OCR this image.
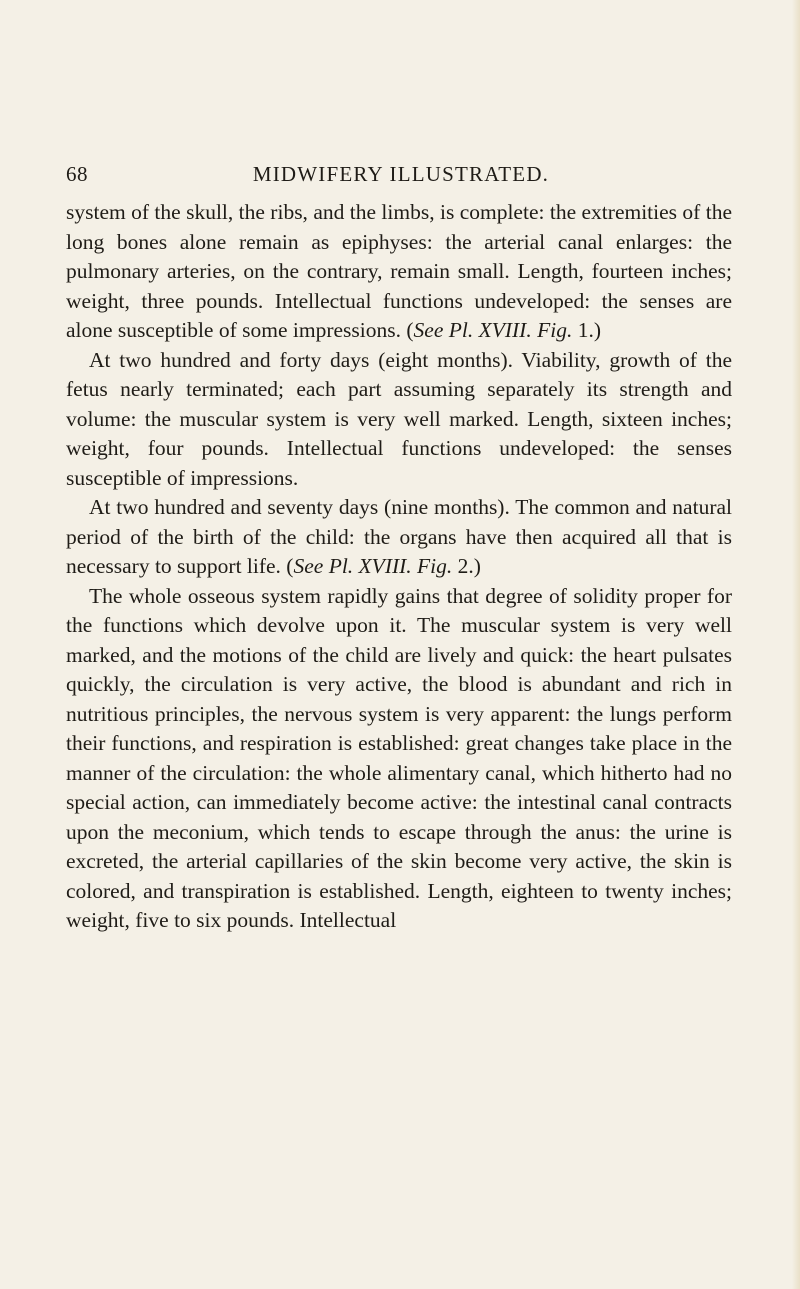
68	MIDWIFERY ILLUSTRATED.

system of the skull, the ribs, and the limbs, is complete: the extremities of the long bones alone remain as epiphyses: the arterial canal enlarges: the pulmonary arteries, on the contrary, remain small. Length, fourteen inches; weight, three pounds. Intellectual functions undeveloped: the senses are alone susceptible of some impressions. (See Pl. XVIII. Fig. 1.)

At two hundred and forty days (eight months). Viability, growth of the fetus nearly terminated; each part assuming separately its strength and volume: the muscular system is very well marked. Length, sixteen inches; weight, four pounds. Intellectual functions undeveloped: the senses susceptible of impressions.

At two hundred and seventy days (nine months). The common and natural period of the birth of the child: the organs have then acquired all that is necessary to support life. (See Pl. XVIII. Fig. 2.)

The whole osseous system rapidly gains that degree of solidity proper for the functions which devolve upon it. The muscular system is very well marked, and the motions of the child are lively and quick: the heart pulsates quickly, the circulation is very active, the blood is abundant and rich in nutritious principles, the nervous system is very apparent: the lungs perform their functions, and respiration is established: great changes take place in the manner of the circulation: the whole alimentary canal, which hitherto had no special action, can immediately become active: the intestinal canal contracts upon the meconium, which tends to escape through the anus: the urine is excreted, the arterial capillaries of the skin become very active, the skin is colored, and transpiration is established. Length, eighteen to twenty inches; weight, five to six pounds. Intellectual
